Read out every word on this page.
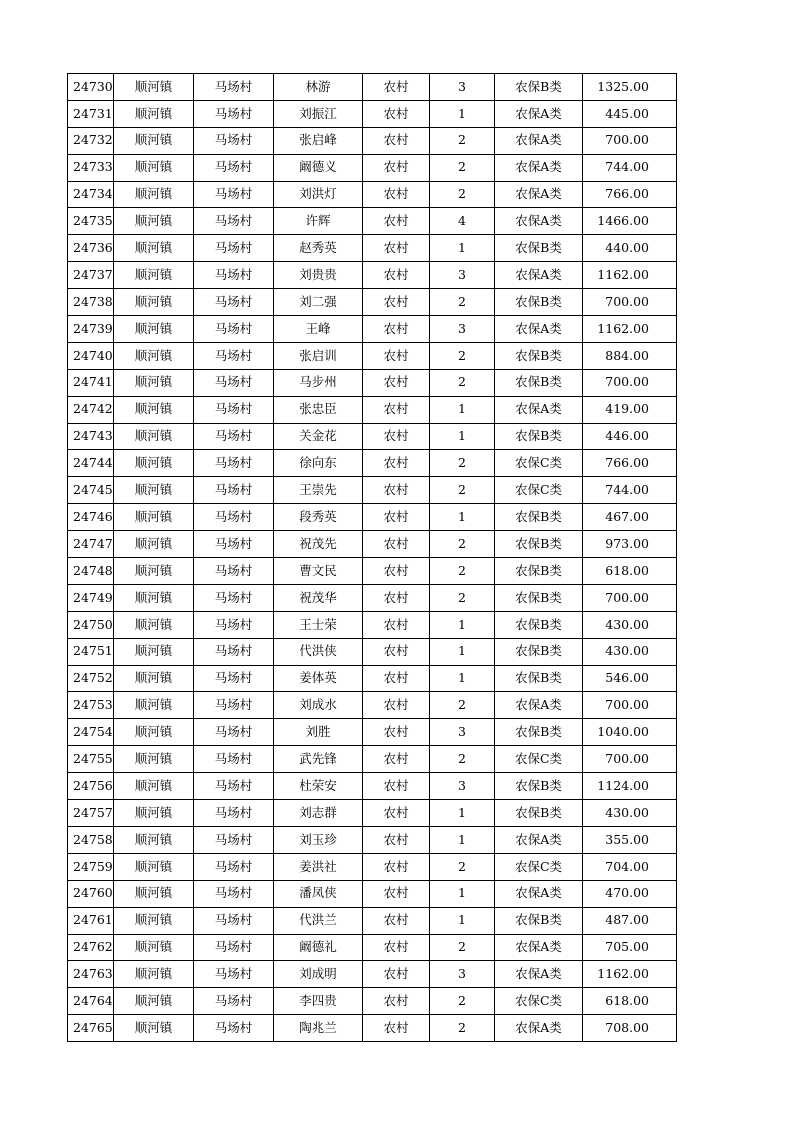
24730	顺河镇	马场村	林游	农村	3	农保B类	1325.00
24731	顺河镇	马场村	刘振江	农村	1	农保A类	445.00
24732	顺河镇	马场村	张启峰	农村	2	农保A类	700.00
24733	顺河镇	马场村	阚德义	农村	2	农保A类	744.00
24734	顺河镇	马场村	刘洪灯	农村	2	农保A类	766.00
24735	顺河镇	马场村	许辉	农村	4	农保A类	1466.00
24736	顺河镇	马场村	赵秀英	农村	1	农保B类	440.00
24737	顺河镇	马场村	刘贵贵	农村	3	农保A类	1162.00
24738	顺河镇	马场村	刘二强	农村	2	农保B类	700.00
24739	顺河镇	马场村	王峰	农村	3	农保A类	1162.00
24740	顺河镇	马场村	张启训	农村	2	农保B类	884.00
24741	顺河镇	马场村	马步州	农村	2	农保B类	700.00
24742	顺河镇	马场村	张忠臣	农村	1	农保A类	419.00
24743	顺河镇	马场村	关金花	农村	1	农保B类	446.00
24744	顺河镇	马场村	徐向东	农村	2	农保C类	766.00
24745	顺河镇	马场村	王崇先	农村	2	农保C类	744.00
24746	顺河镇	马场村	段秀英	农村	1	农保B类	467.00
24747	顺河镇	马场村	祝茂先	农村	2	农保B类	973.00
24748	顺河镇	马场村	曹文民	农村	2	农保B类	618.00
24749	顺河镇	马场村	祝茂华	农村	2	农保B类	700.00
24750	顺河镇	马场村	王士荣	农村	1	农保B类	430.00
24751	顺河镇	马场村	代洪侠	农村	1	农保B类	430.00
24752	顺河镇	马场村	姜体英	农村	1	农保B类	546.00
24753	顺河镇	马场村	刘成水	农村	2	农保A类	700.00
24754	顺河镇	马场村	刘胜	农村	3	农保B类	1040.00
24755	顺河镇	马场村	武先锋	农村	2	农保C类	700.00
24756	顺河镇	马场村	杜荣安	农村	3	农保B类	1124.00
24757	顺河镇	马场村	刘志群	农村	1	农保B类	430.00
24758	顺河镇	马场村	刘玉珍	农村	1	农保A类	355.00
24759	顺河镇	马场村	姜洪社	农村	2	农保C类	704.00
24760	顺河镇	马场村	潘凤侠	农村	1	农保A类	470.00
24761	顺河镇	马场村	代洪兰	农村	1	农保B类	487.00
24762	顺河镇	马场村	阚德礼	农村	2	农保A类	705.00
24763	顺河镇	马场村	刘成明	农村	3	农保A类	1162.00
24764	顺河镇	马场村	李四贵	农村	2	农保C类	618.00
24765	顺河镇	马场村	陶兆兰	农村	2	农保A类	708.00
